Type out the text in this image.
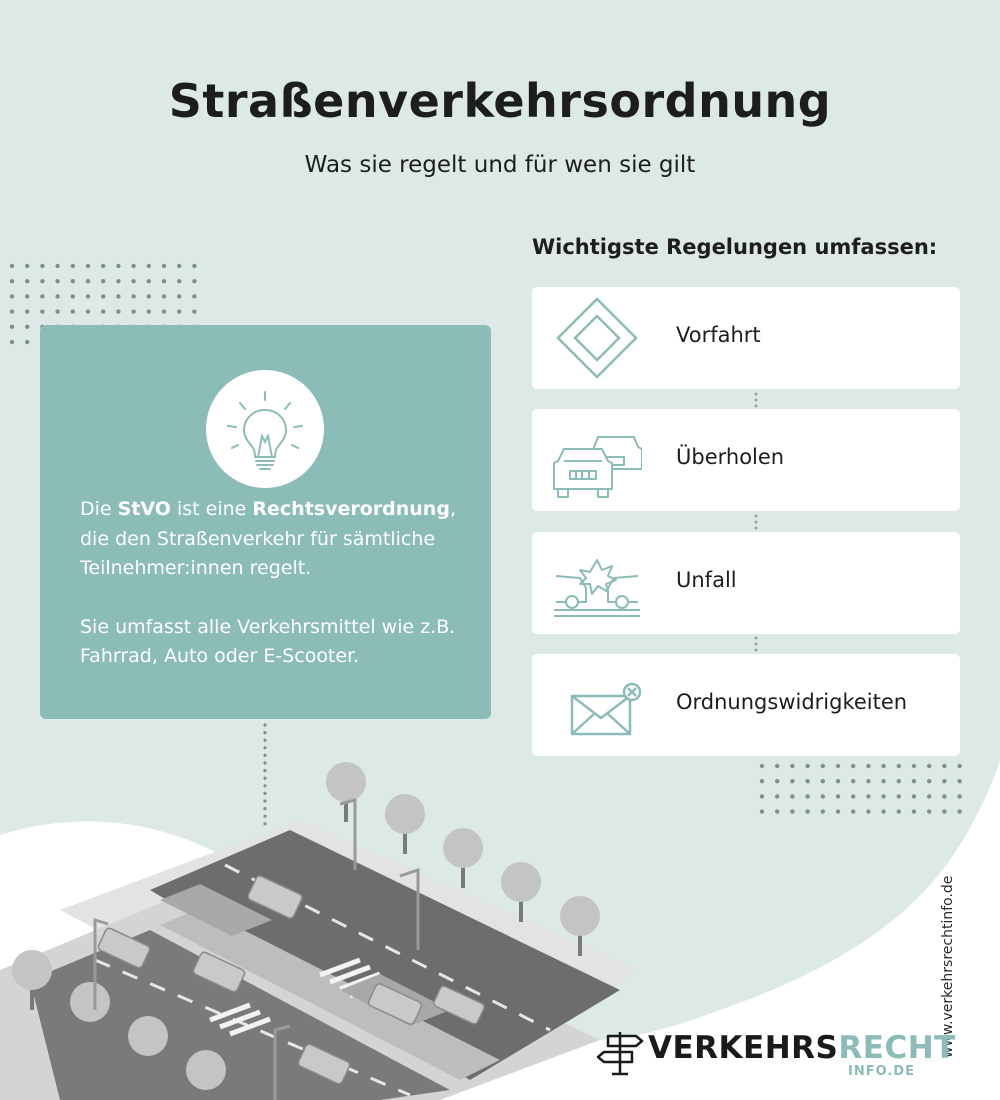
Straßenverkehrsordnung

Was sie regelt und für wen sie gilt

Die StVO ist eine Rechtsverordnung, die den Straßenverkehr für sämtliche Teilnehmer:innen regelt.

Sie umfasst alle Verkehrsmittel wie z.B. Fahrrad, Auto oder E-Scooter.

Wichtigste Regelungen umfassen:
Vorfahrt
Überholen
Unfall
Ordnungswidrigkeiten
www.verkehrsrechtinfo.de
VERKEHRSRECHT
INFO.DE
